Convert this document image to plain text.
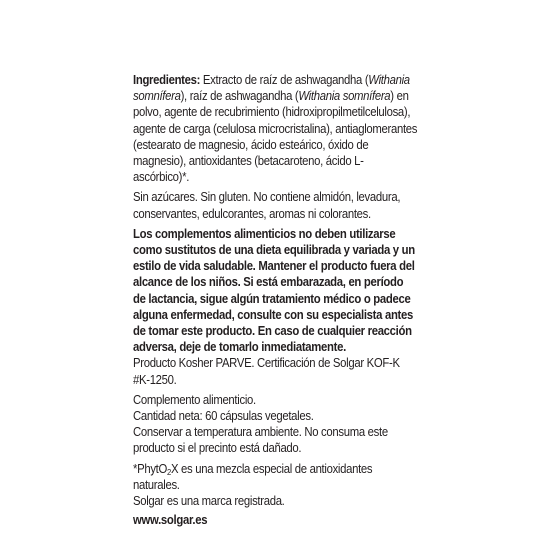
Ingredientes: Extracto de raíz de ashwagandha (Withania somnífera), raíz de ashwagandha (Withania somnífera) en polvo, agente de recubrimiento (hidroxipropilmetilcelulosa), agente de carga (celulosa microcristalina), antiaglomerantes (estearato de magnesio, ácido esteárico, óxido de magnesio), antioxidantes (betacaroteno, ácido L-ascórbico)*.

Sin azúcares. Sin gluten. No contiene almidón, levadura, conservantes, edulcorantes, aromas ni colorantes.

Los complementos alimenticios no deben utilizarse como sustitutos de una dieta equilibrada y variada y un estilo de vida saludable. Mantener el producto fuera del alcance de los niños. Si está embarazada, en período de lactancia, sigue algún tratamiento médico o padece alguna enfermedad, consulte con su especialista antes de tomar este producto. En caso de cualquier reacción adversa, deje de tomarlo inmediatamente.

Producto Kosher PARVE. Certificación de Solgar KOF-K #K-1250.

Complemento alimenticio.

Cantidad neta: 60 cápsulas vegetales.

Conservar a temperatura ambiente. No consuma este producto si el precinto está dañado.

*PhytO$_2$X es una mezcla especial de antioxidantes naturales.

Solgar es una marca registrada.

www.solgar.es
